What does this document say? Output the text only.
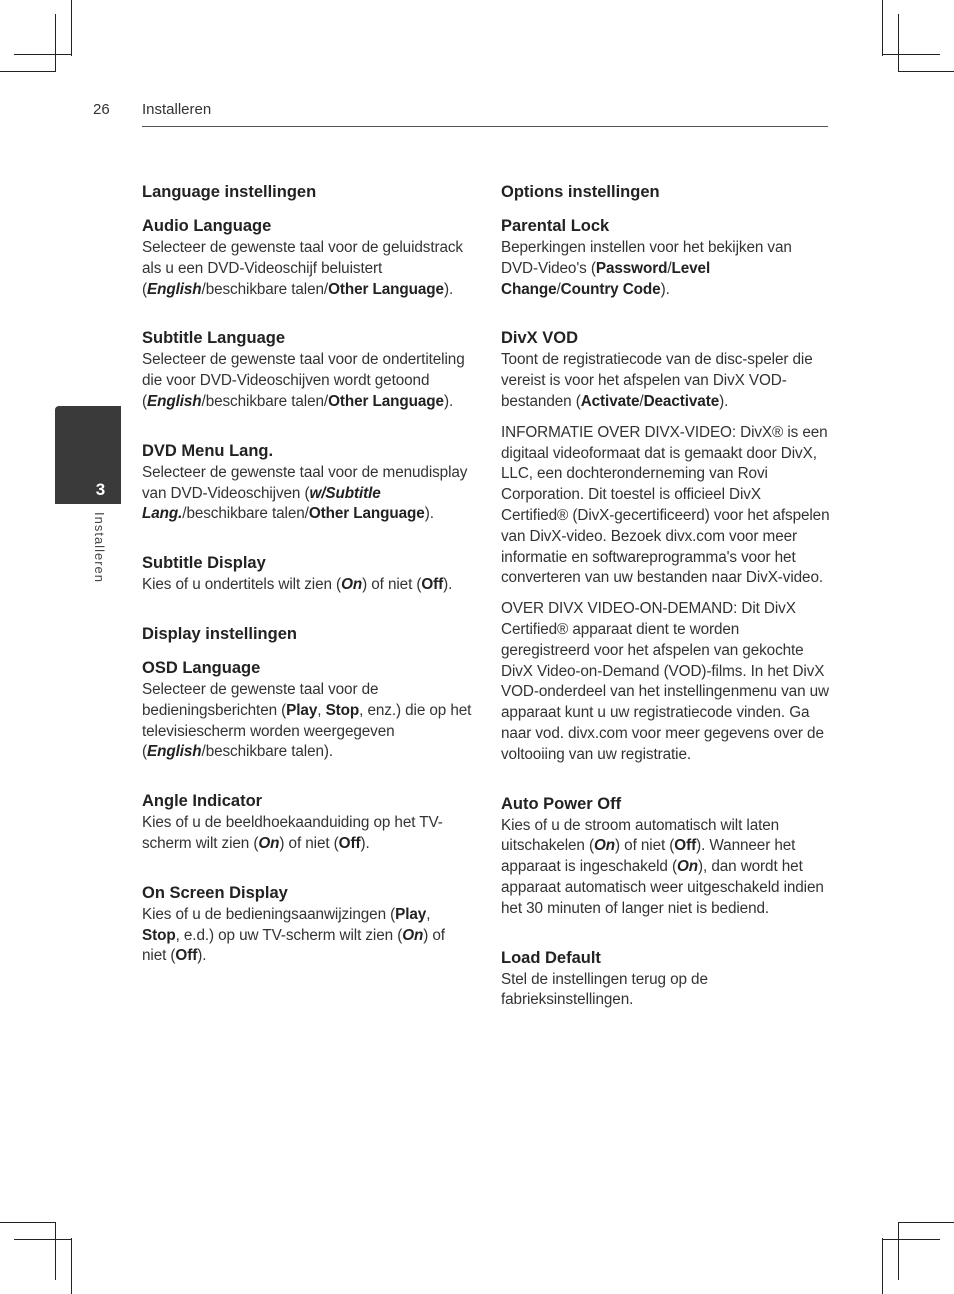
26 Installeren
3
Installeren
Language instellingen
Audio Language

Selecteer de gewenste taal voor de geluidstrack als u een DVD-Videoschijf beluistert (English/beschikbare talen/Other Language).

Subtitle Language

Selecteer de gewenste taal voor de ondertiteling die voor DVD-Videoschijven wordt getoond (English/beschikbare talen/Other Language).

DVD Menu Lang.

Selecteer de gewenste taal voor de menudisplay van DVD-Videoschijven (w/Subtitle Lang./beschikbare talen/Other Language).

Subtitle Display

Kies of u ondertitels wilt zien (On) of niet (Off).

Display instellingen
OSD Language

Selecteer de gewenste taal voor de bedieningsberichten (Play, Stop, enz.) die op het televisiescherm worden weergegeven (English/beschikbare talen).

Angle Indicator

Kies of u de beeldhoekaanduiding op het TV-scherm wilt zien (On) of niet (Off).

On Screen Display

Kies of u de bedieningsaanwijzingen (Play, Stop, e.d.) op uw TV-scherm wilt zien (On) of niet (Off).

Options instellingen
Parental Lock

Beperkingen instellen voor het bekijken van DVD-Video's (Password/Level Change/Country Code).

DivX VOD

Toont de registratiecode van de disc-speler die vereist is voor het afspelen van DivX VOD-bestanden (Activate/Deactivate).

INFORMATIE OVER DIVX-VIDEO: DivX® is een digitaal videoformaat dat is gemaakt door DivX, LLC, een dochteronderneming van Rovi Corporation. Dit toestel is officieel DivX Certified® (DivX-gecertificeerd) voor het afspelen van DivX-video. Bezoek divx.com voor meer informatie en softwareprogramma's voor het converteren van uw bestanden naar DivX-video.

OVER DIVX VIDEO-ON-DEMAND: Dit DivX Certified® apparaat dient te worden geregistreerd voor het afspelen van gekochte DivX Video-on-Demand (VOD)-films. In het DivX VOD-onderdeel van het instellingenmenu van uw apparaat kunt u uw registratiecode vinden. Ga naar vod. divx.com voor meer gegevens over de voltooiing van uw registratie.

Auto Power Off

Kies of u de stroom automatisch wilt laten uitschakelen (On) of niet (Off). Wanneer het apparaat is ingeschakeld (On), dan wordt het apparaat automatisch weer uitgeschakeld indien het 30 minuten of langer niet is bediend.

Load Default

Stel de instellingen terug op de fabrieksinstellingen.
